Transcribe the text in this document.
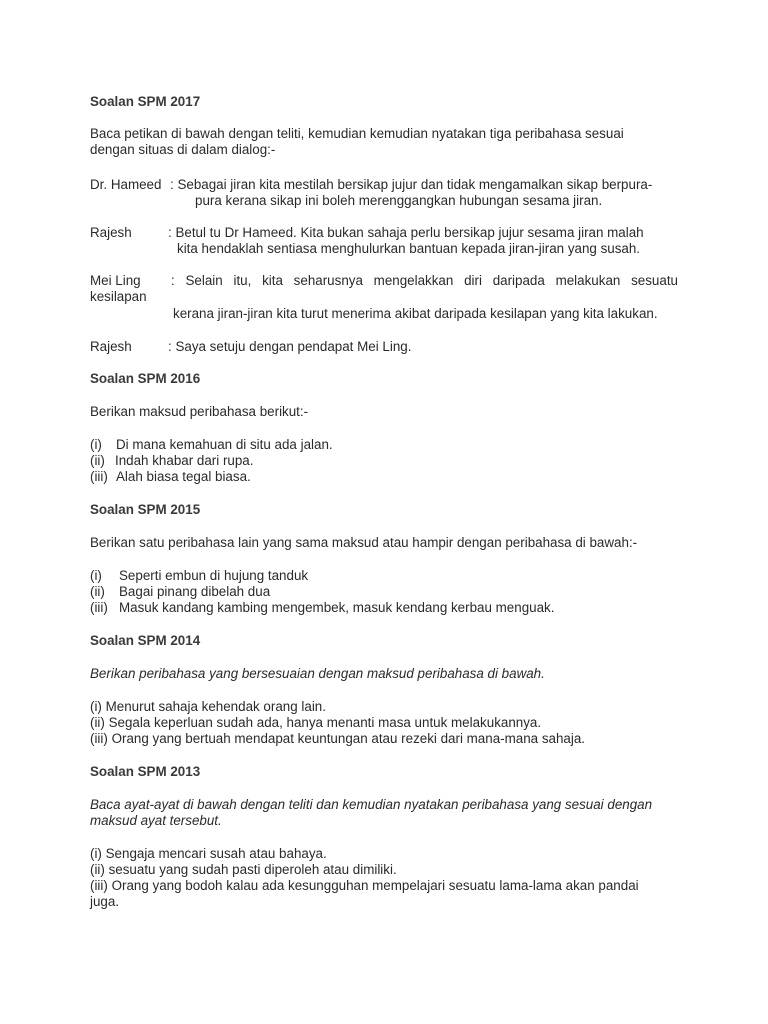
Soalan SPM 2017
Baca petikan di bawah dengan teliti, kemudian kemudian nyatakan tiga peribahasa sesuai
dengan situas di dalam dialog:-
Dr. Hameed : Sebagai jiran kita mestilah bersikap jujur dan tidak mengamalkan sikap berpura-
pura kerana sikap ini boleh merenggangkan hubungan sesama jiran.
Rajesh	: Betul tu Dr Hameed. Kita bukan sahaja perlu bersikap jujur sesama jiran malah
kita hendaklah sentiasa menghulurkan bantuan kepada jiran-jiran yang susah.
Mei Ling : Selain itu, kita seharusnya mengelakkan diri daripada melakukan sesuatu
kesilapan
kerana jiran-jiran kita turut menerima akibat daripada kesilapan yang kita lakukan.
Rajesh	: Saya setuju dengan pendapat Mei Ling.
Soalan SPM 2016
Berikan maksud peribahasa berikut:-
(i) Di mana kemahuan di situ ada jalan.
(ii) Indah khabar dari rupa.
(iii) Alah biasa tegal biasa.
Soalan SPM 2015
Berikan satu peribahasa lain yang sama maksud atau hampir dengan peribahasa di bawah:-
(i) Seperti embun di hujung tanduk
(ii) Bagai pinang dibelah dua
(iii) Masuk kandang kambing mengembek, masuk kendang kerbau menguak.
Soalan SPM 2014
Berikan peribahasa yang bersesuaian dengan maksud peribahasa di bawah.
(i) Menurut sahaja kehendak orang lain.
(ii) Segala keperluan sudah ada, hanya menanti masa untuk melakukannya.
(iii) Orang yang bertuah mendapat keuntungan atau rezeki dari mana-mana sahaja.
Soalan SPM 2013
Baca ayat-ayat di bawah dengan teliti dan kemudian nyatakan peribahasa yang sesuai dengan
maksud ayat tersebut.
(i) Sengaja mencari susah atau bahaya.
(ii) sesuatu yang sudah pasti diperoleh atau dimiliki.
(iii) Orang yang bodoh kalau ada kesungguhan mempelajari sesuatu lama-lama akan pandai
juga.
